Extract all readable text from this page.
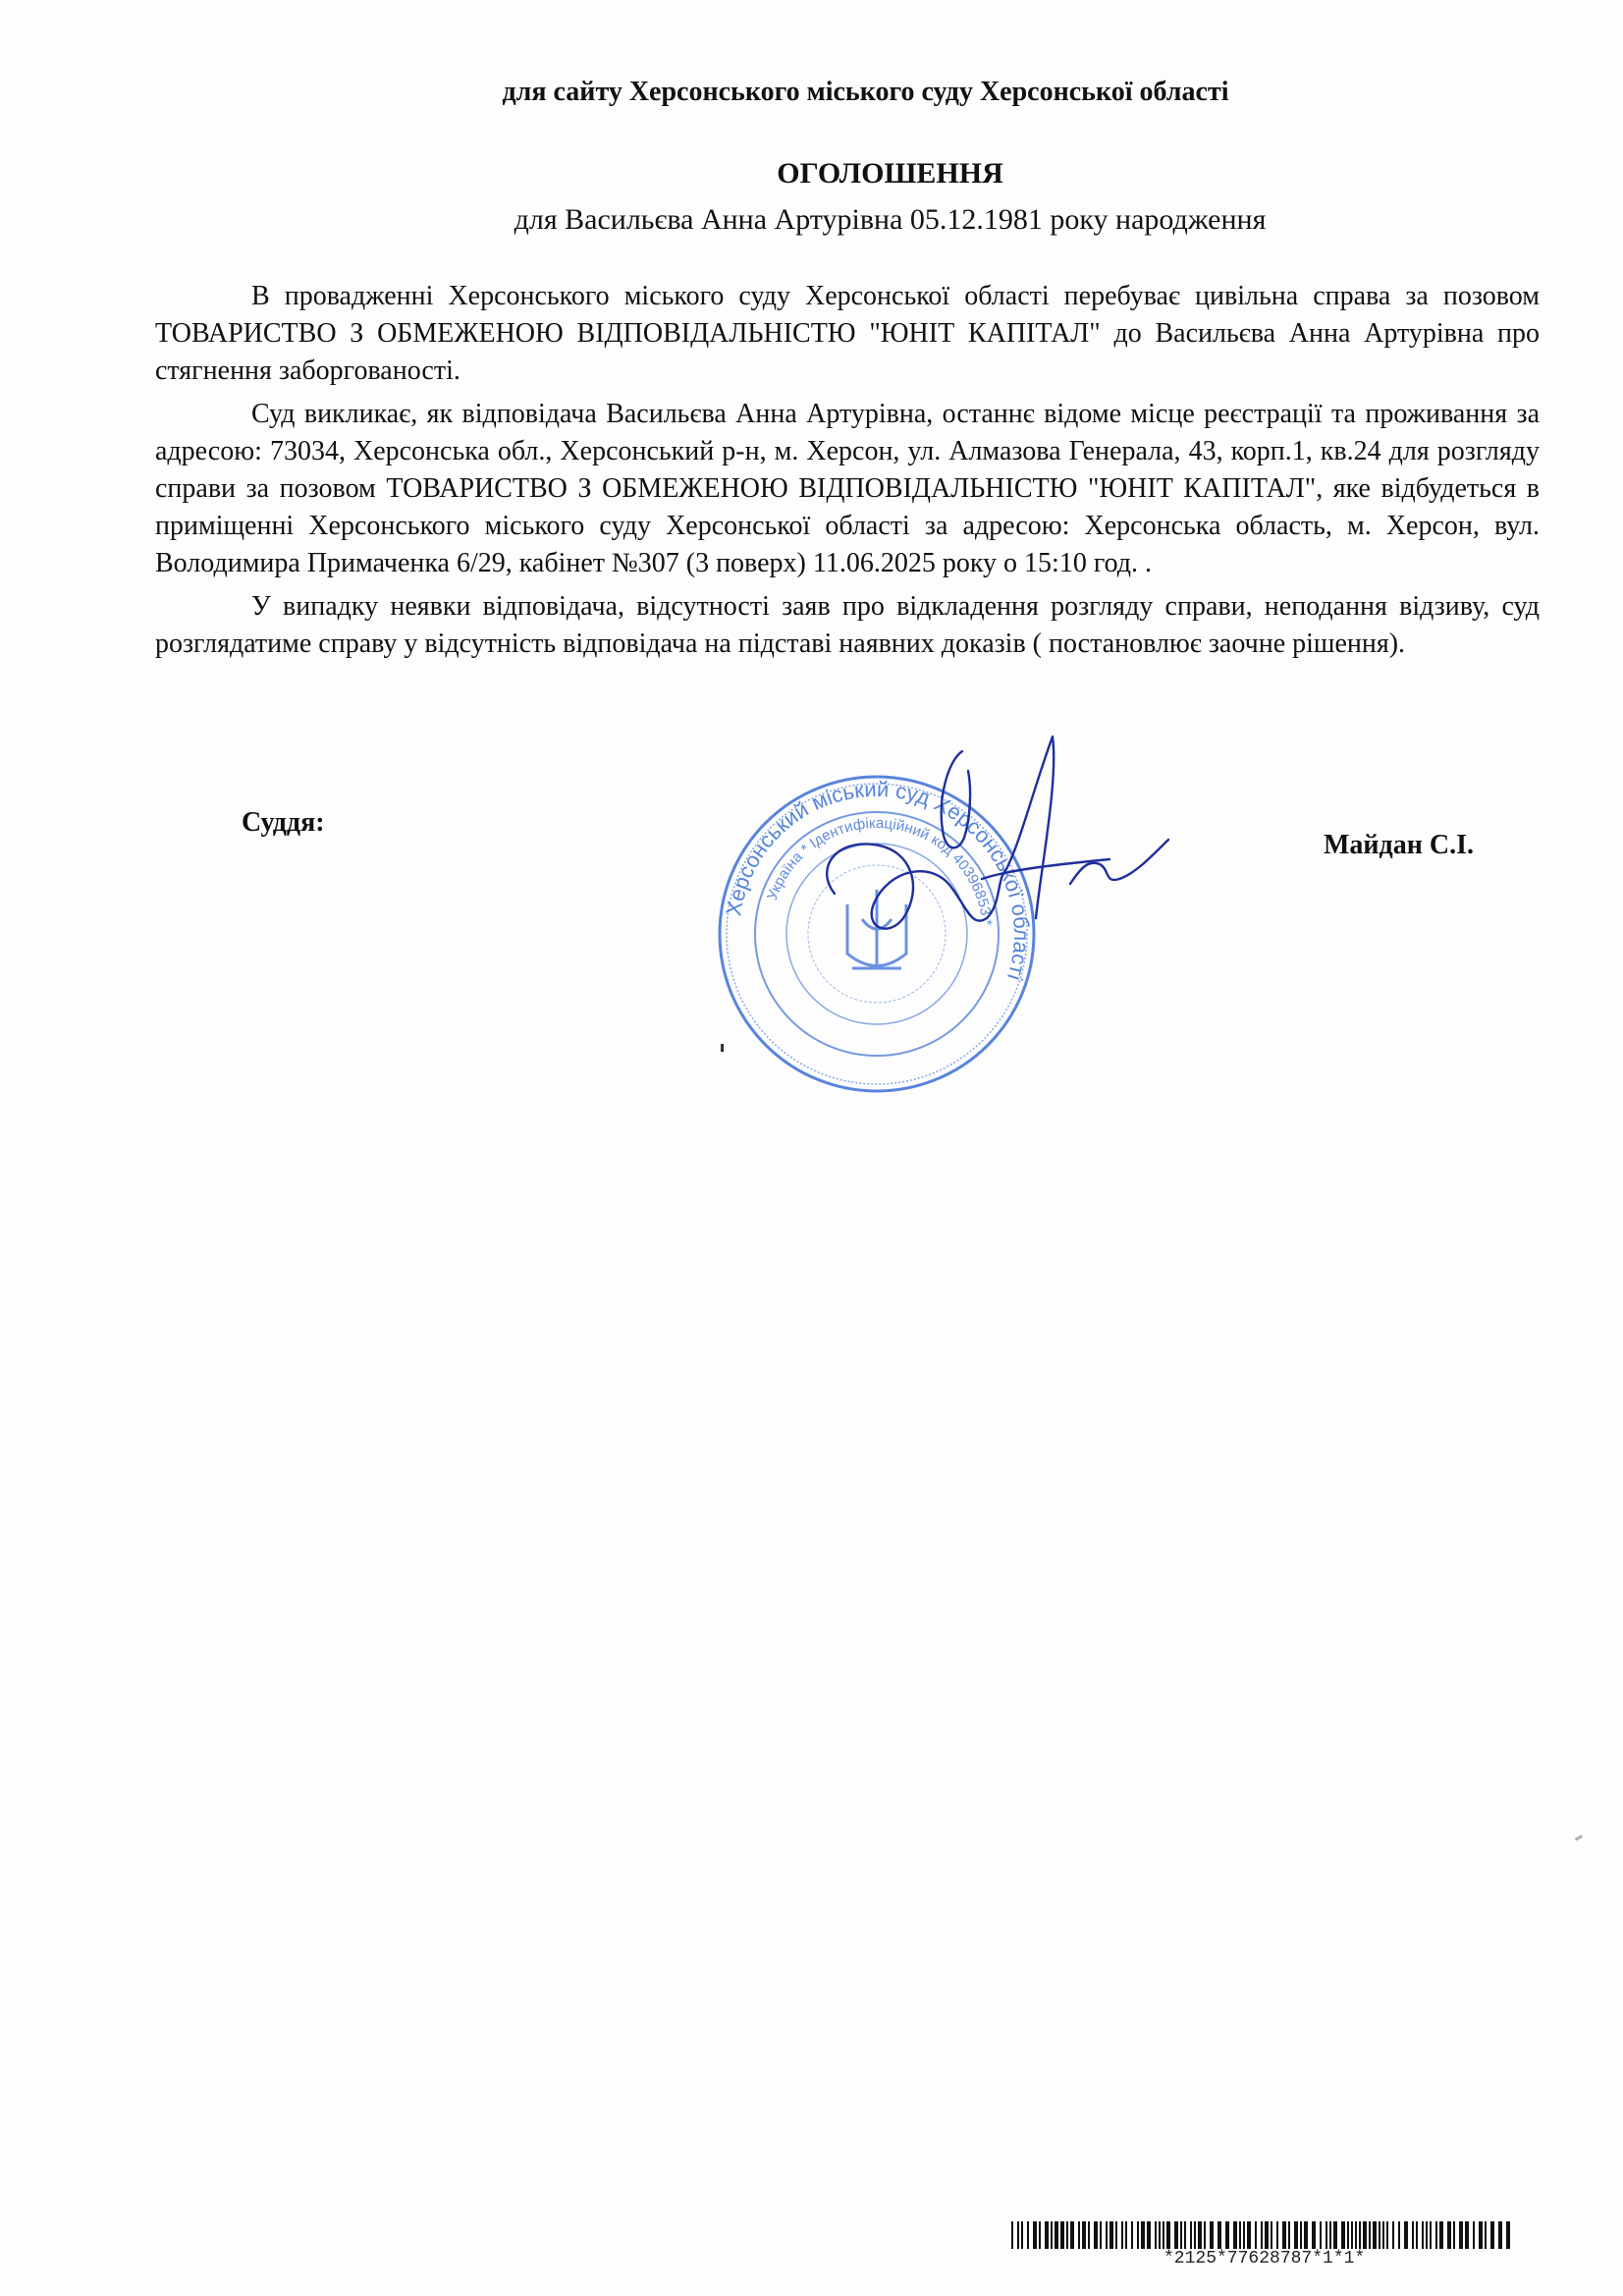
для сайту Херсонського міського суду Херсонської області
ОГОЛОШЕННЯ
для Васильєва Анна Артурівна 05.12.1981 року народження

В провадженні Херсонського міського суду Херсонської області перебуває цивільна справа за позовом ТОВАРИСТВО З ОБМЕЖЕНОЮ ВІДПОВІДАЛЬНІСТЮ "ЮНІТ КАПІТАЛ" до Васильєва Анна Артурівна про стягнення заборгованості.

Суд викликає, як відповідача Васильєва Анна Артурівна, останнє відоме місце реєстрації та проживання за адресою: 73034, Херсонська обл., Херсонський р-н, м. Херсон, ул. Алмазова Генерала, 43, корп.1, кв.24 для розгляду справи за позовом ТОВАРИСТВО З ОБМЕЖЕНОЮ ВІДПОВІДАЛЬНІСТЮ "ЮНІТ КАПІТАЛ", яке відбудеться в приміщенні Херсонського міського суду Херсонської області за адресою: Херсонська область, м. Херсон, вул. Володимира Примаченка 6/29, кабінет №307 (3 поверх) 11.06.2025 року о 15:10 год. .

У випадку неявки відповідача, відсутності заяв про відкладення розгляду справи, неподання відзиву, суд розглядатиме справу у відсутність відповідача на підставі наявних доказів ( постановлює заочне рішення).

Суддя:
Майдан С.І.
Херсонський міський суд Херсонської області
Україна * Ідентифікаційний код 40396853 *
*2125*77628787*1*1*
